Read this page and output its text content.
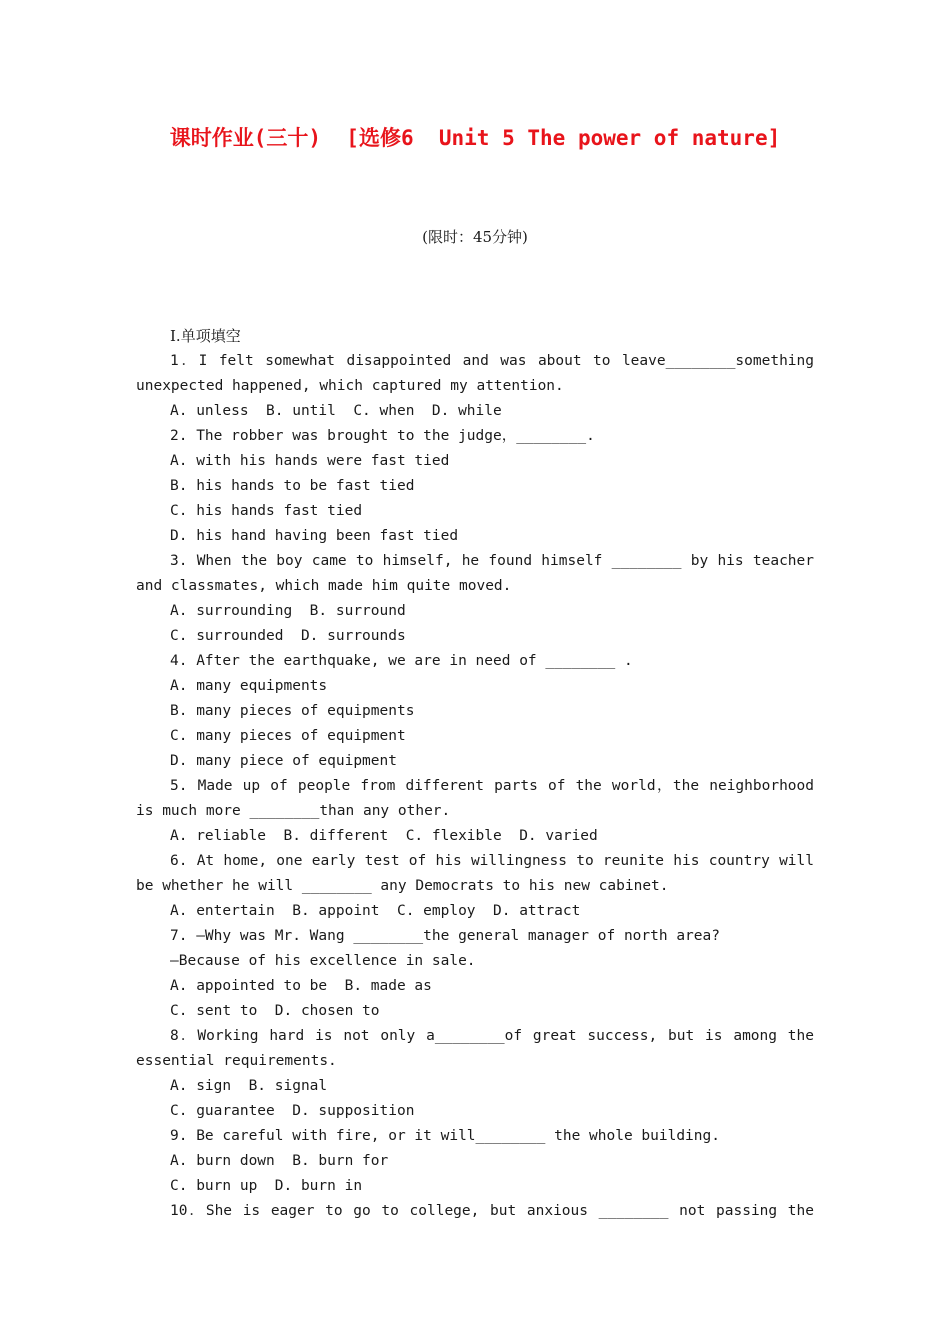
课时作业(三十)  [选修6  Unit 5 The power of nature]
(限时：45分钟)
Ⅰ.单项填空
1．I felt somewhat disappointed and was about to leave________something unexpected happened, which captured my attention.
A. unless  B. until  C. when  D. while
2. The robber was brought to the judge，________.
A. with his hands were fast tied
B. his hands to be fast tied
C. his hands fast tied
D. his hand having been fast tied
3. When the boy came to himself, he found himself ________ by his teacher and classmates, which made him quite moved.
A. surrounding  B. surround
C. surrounded  D. surrounds
4. After the earthquake, we are in need of ________ .
A. many equipments
B. many pieces of equipments
C. many pieces of equipment
D. many piece of equipment
5. Made up of people from different parts of the world，the neighborhood is much more ________than any other.
A. reliable  B. different  C. flexible  D. varied
6. At home, one early test of his willingness to reunite his country will be whether he will ________ any Democrats to his new cabinet.
A. entertain  B. appoint  C. employ  D. attract
7. —Why was Mr. Wang ________the general manager of north area?
—Because of his excellence in sale.
A. appointed to be  B. made as
C. sent to  D. chosen to
8．Working hard is not only a________of great success, but is among the essential requirements.
A. sign  B. signal
C. guarantee  D. supposition
9. Be careful with fire, or it will________ the whole building.
A. burn down  B. burn for
C. burn up  D. burn in
10．She is eager to go to college, but anxious ________ not passing the
